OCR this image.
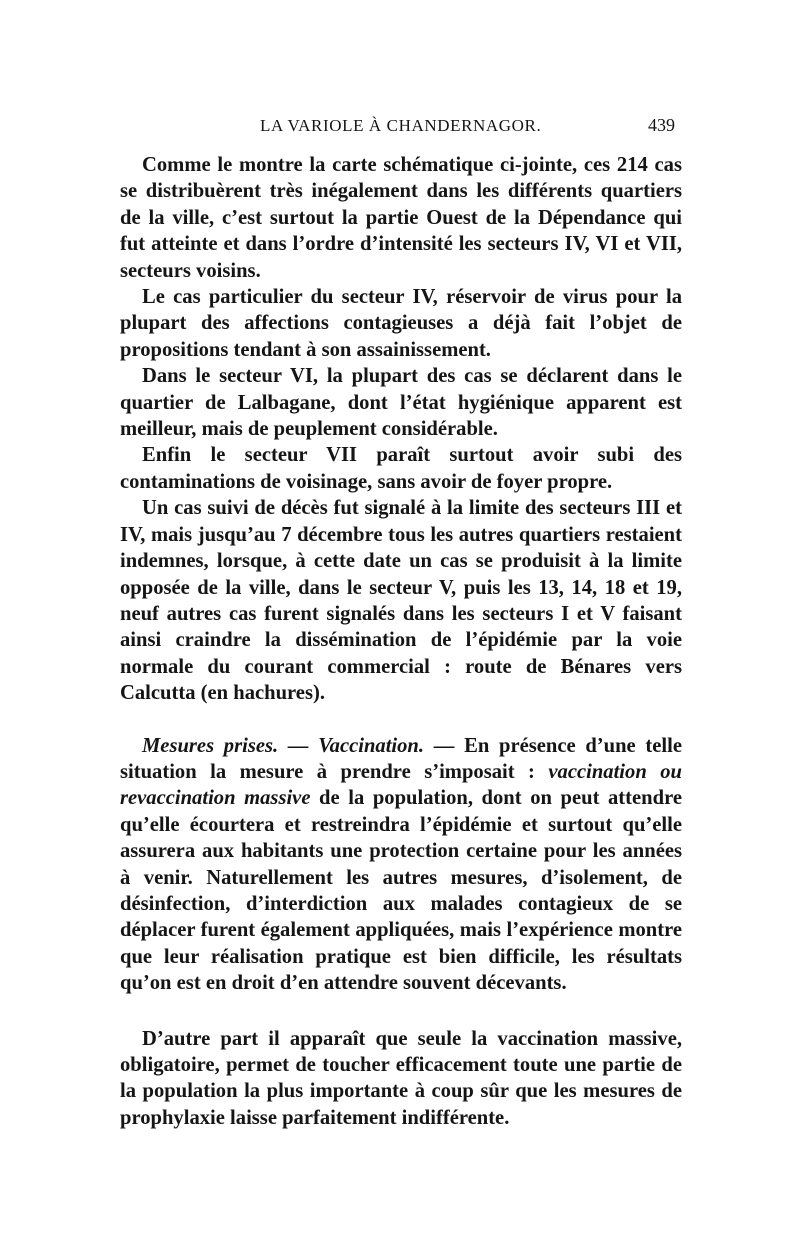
LA VARIOLE À CHANDERNAGOR.	439

Comme le montre la carte schématique ci-jointe, ces 214 cas se distribuèrent très inégalement dans les différents quartiers de la ville, c’est surtout la partie Ouest de la Dépendance qui fut atteinte et dans l’ordre d’intensité les secteurs IV, VI et VII, secteurs voisins.

Le cas particulier du secteur IV, réservoir de virus pour la plupart des affections contagieuses a déjà fait l’objet de propositions tendant à son assainissement.

Dans le secteur VI, la plupart des cas se déclarent dans le quartier de Lalbagane, dont l’état hygiénique apparent est meilleur, mais de peuplement considérable.

Enfin le secteur VII paraît surtout avoir subi des contaminations de voisinage, sans avoir de foyer propre.

Un cas suivi de décès fut signalé à la limite des secteurs III et IV, mais jusqu’au 7 décembre tous les autres quartiers restaient indemnes, lorsque, à cette date un cas se produisit à la limite opposée de la ville, dans le secteur V, puis les 13, 14, 18 et 19, neuf autres cas furent signalés dans les secteurs I et V faisant ainsi craindre la dissémination de l’épidémie par la voie normale du courant commercial : route de Bénares vers Calcutta (en hachures).

Mesures prises. — Vaccination. — En présence d’une telle situation la mesure à prendre s’imposait : vaccination ou revaccination massive de la population, dont on peut attendre qu’elle écourtera et restreindra l’épidémie et surtout qu’elle assurera aux habitants une protection certaine pour les années à venir. Naturellement les autres mesures, d’isolement, de désinfection, d’interdiction aux malades contagieux de se déplacer furent également appliquées, mais l’expérience montre que leur réalisation pratique est bien difficile, les résultats qu’on est en droit d’en attendre souvent décevants.

D’autre part il apparaît que seule la vaccination massive, obligatoire, permet de toucher efficacement toute une partie de la population la plus importante à coup sûr que les mesures de prophylaxie laisse parfaitement indifférente.
